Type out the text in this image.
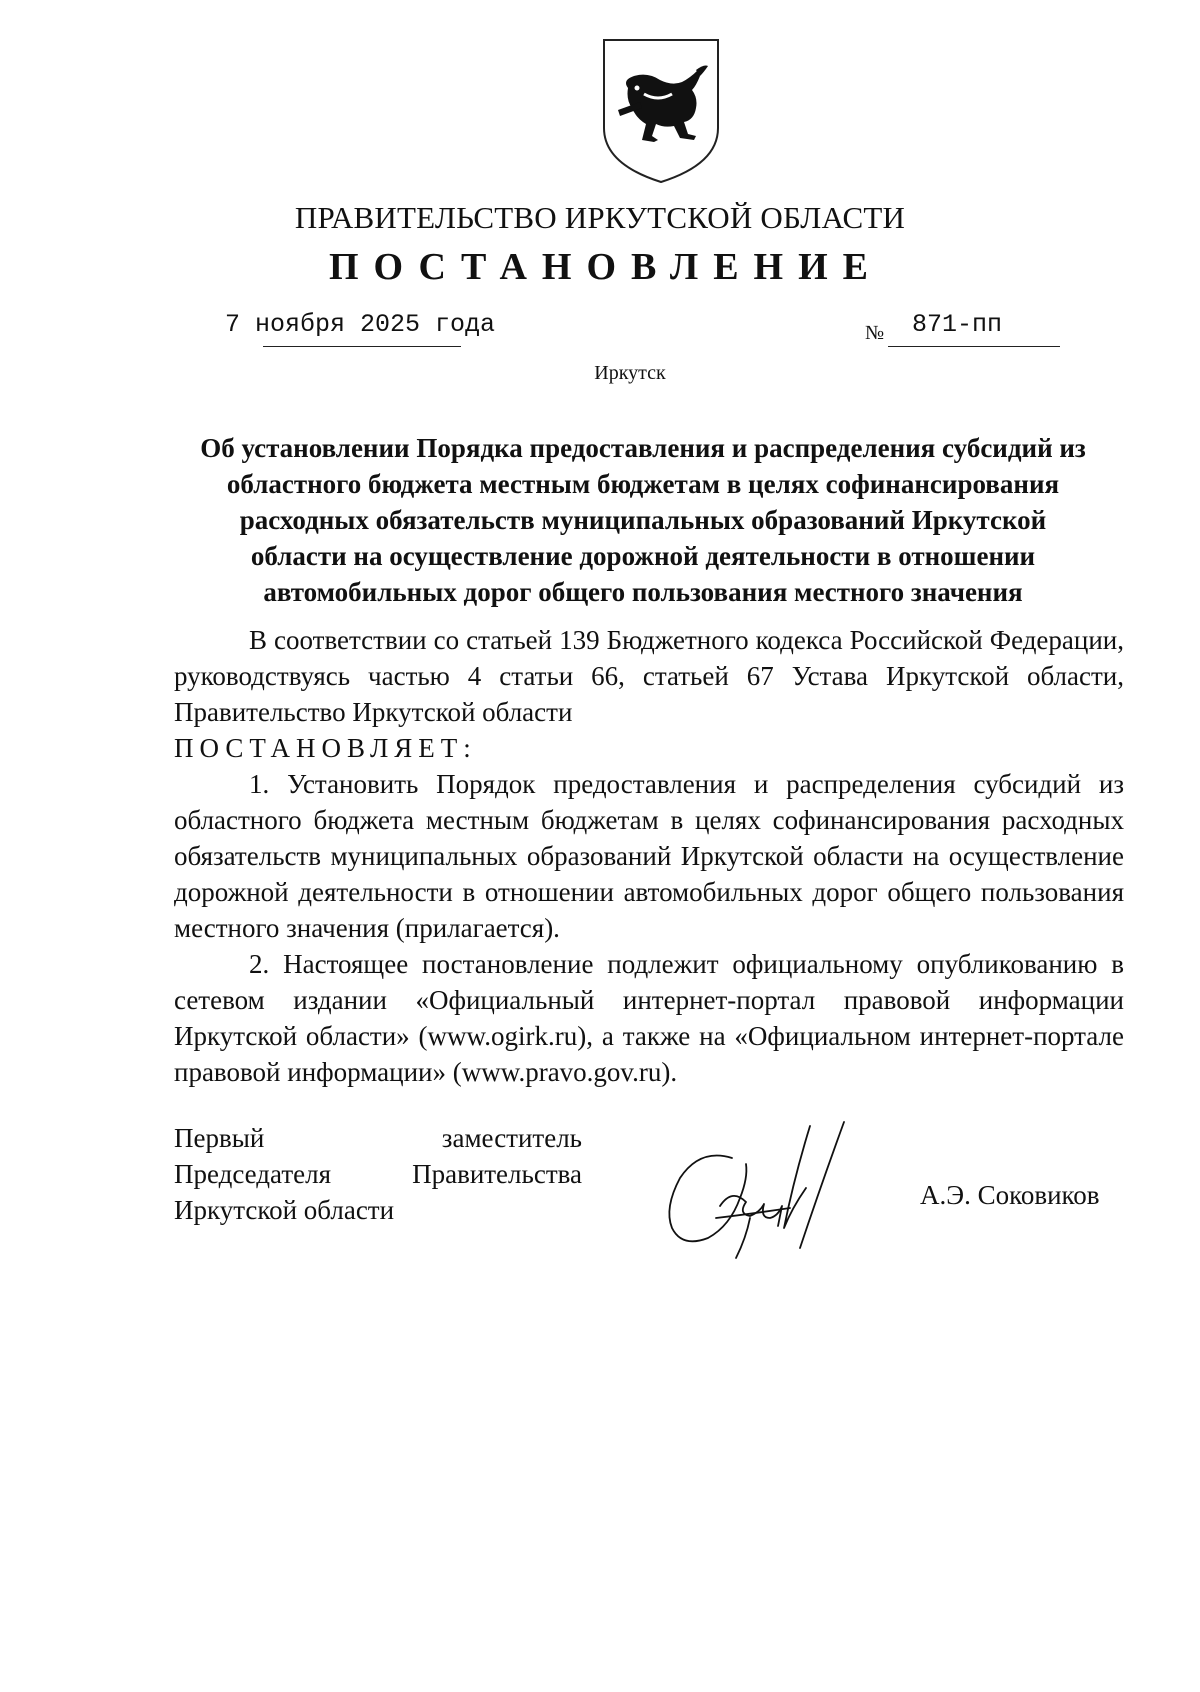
ПРАВИТЕЛЬСТВО ИРКУТСКОЙ ОБЛАСТИ
ПОСТАНОВЛЕНИЕ
7 ноября 2025 года	№ 871-пп
Иркутск
Об установлении Порядка предоставления и распределения субсидий из
областного бюджета местным бюджетам в целях софинансирования
расходных обязательств муниципальных образований Иркутской
области на осуществление дорожной деятельности в отношении
автомобильных дорог общего пользования местного значения

В соответствии со статьей 139 Бюджетного кодекса Российской Федерации, руководствуясь частью 4 статьи 66, статьей 67 Устава Иркутской области, Правительство Иркутской области

ПОСТАНОВЛЯЕТ:

1. Установить Порядок предоставления и распределения субсидий из областного бюджета местным бюджетам в целях софинансирования расходных обязательств муниципальных образований Иркутской области на осуществление дорожной деятельности в отношении автомобильных дорог общего пользования местного значения (прилагается).

2. Настоящее постановление подлежит официальному опубликованию в сетевом издании «Официальный интернет-портал правовой информации Иркутской области» (www.ogirk.ru), а также на «Официальном интернет-портале правовой информации» (www.pravo.gov.ru).

Первый заместитель
Председателя Правительства
Иркутской области	А.Э. Соковиков
